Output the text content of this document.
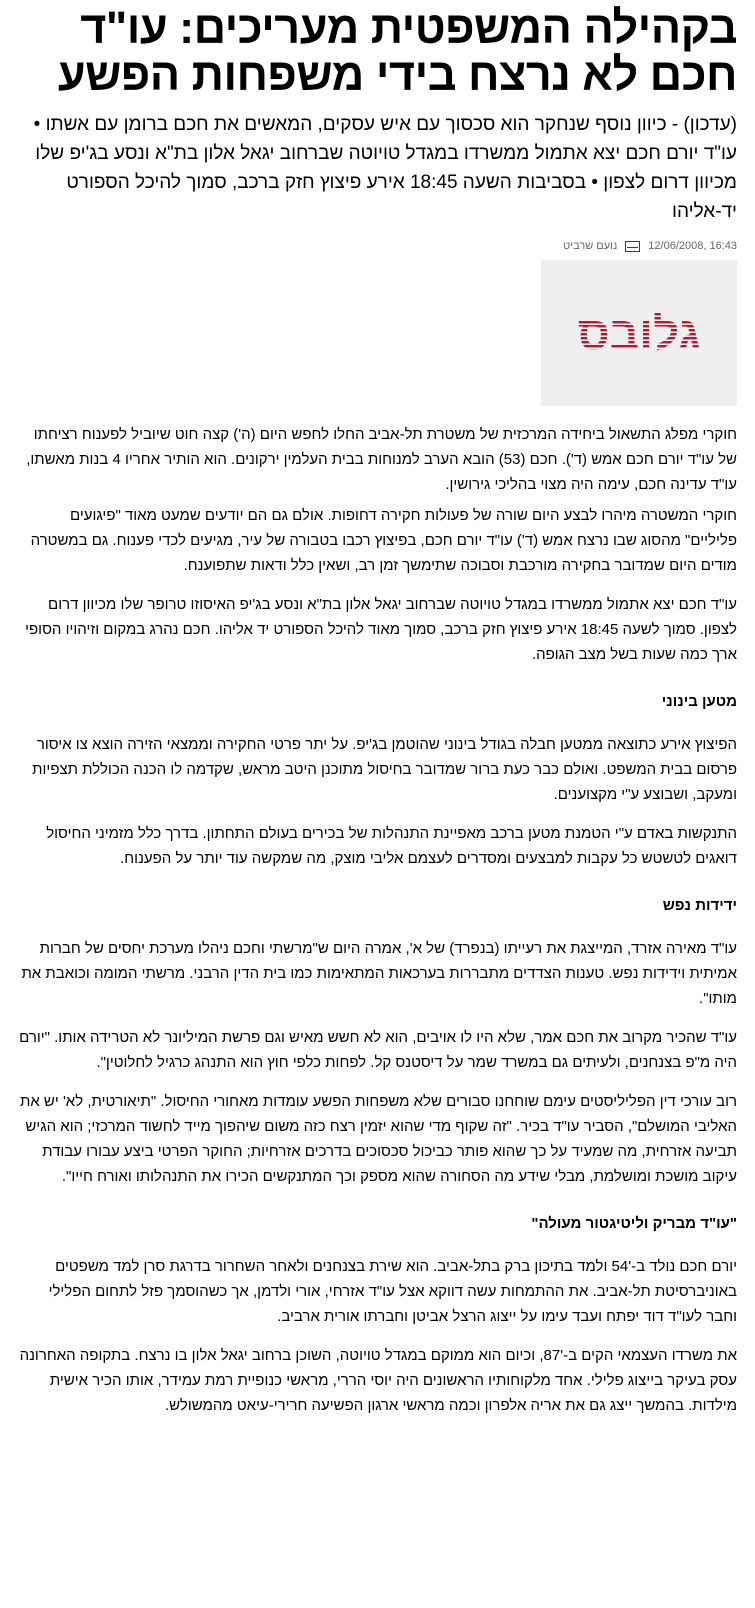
בקהילה המשפטית מעריכים: עו"ד חכם לא נרצח בידי משפחות הפשע
(עדכון) - כיוון נוסף שנחקר הוא סכסוך עם איש עסקים, המאשים את חכם ברומן עם אשתו • עו"ד יורם חכם יצא אתמול ממשרדו במגדל טויוטה שברחוב יגאל אלון בת"א ונסע בג'יפ שלו מכיוון דרום לצפון • בסביבות השעה 18:45 אירע פיצוץ חזק ברכב, סמוך להיכל הספורט יד-אליהו
12/06/2008, 16:43
נועם שרביט

חוקרי מפלג התשאול ביחידה המרכזית של משטרת תל-אביב החלו לחפש היום (ה') קצה חוט שיוביל לפענוח רציחתו של עו"ד יורם חכם אמש (ד'). חכם (53) הובא הערב למנוחות בבית העלמין ירקונים. הוא הותיר אחריו 4 בנות מאשתו, עו"ד עדינה חכם, עימה היה מצוי בהליכי גירושין.

חוקרי המשטרה מיהרו לבצע היום שורה של פעולות חקירה דחופות. אולם גם הם יודעים שמעט מאוד "פיגועים פליליים" מהסוג שבו נרצח אמש (ד') עו"ד יורם חכם, בפיצוץ רכבו בטבורה של עיר, מגיעים לכדי פענוח. גם במשטרה מודים היום שמדובר בחקירה מורכבת וסבוכה שתימשך זמן רב, ושאין כלל ודאות שתפוענח.

עו"ד חכם יצא אתמול ממשרדו במגדל טויוטה שברחוב יגאל אלון בת"א ונסע בג'יפ האיסוזו טרופר שלו מכיוון דרום לצפון. סמוך לשעה 18:45 אירע פיצוץ חזק ברכב, סמוך מאוד להיכל הספורט יד אליהו. חכם נהרג במקום וזיהויו הסופי ארך כמה שעות בשל מצב הגופה.

מטען בינוני

הפיצוץ אירע כתוצאה ממטען חבלה בגודל בינוני שהוטמן בג'יפ. על יתר פרטי החקירה וממצאי הזירה הוצא צו איסור פרסום בבית המשפט. ואולם כבר כעת ברור שמדובר בחיסול מתוכנן היטב מראש, שקדמה לו הכנה הכוללת תצפיות ומעקב, ושבוצע ע"י מקצוענים.

התנקשות באדם ע"י הטמנת מטען ברכב מאפיינת התנהלות של בכירים בעולם התחתון. בדרך כלל מזמיני החיסול דואגים לטשטש כל עקבות למבצעים ומסדרים לעצמם אליבי מוצק, מה שמקשה עוד יותר על הפענוח.

ידידות נפש

עו"ד מאירה אזרד, המייצגת את רעייתו (בנפרד) של א', אמרה היום ש"מרשתי וחכם ניהלו מערכת יחסים של חברות אמיתית וידידות נפש. טענות הצדדים מתבררות בערכאות המתאימות כמו בית הדין הרבני. מרשתי המומה וכואבת את מותו".

עו"ד שהכיר מקרוב את חכם אמר, שלא היו לו אויבים, הוא לא חשש מאיש וגם פרשת המיליונר לא הטרידה אותו. "יורם היה מ"פ בצנחנים, ולעיתים גם במשרד שמר על דיסטנס קל. לפחות כלפי חוץ הוא התנהג כרגיל לחלוטין".

רוב עורכי דין הפליליסטים עימם שוחחנו סבורים שלא משפחות הפשע עומדות מאחורי החיסול. "תיאורטית, לא' יש את האליבי המושלם", הסביר עו"ד בכיר. "זה שקוף מדי שהוא יזמין רצח כזה משום שיהפוך מייד לחשוד המרכזי; הוא הגיש תביעה אזרחית, מה שמעיד על כך שהוא פותר כביכול סכסוכים בדרכים אזרחיות; החוקר הפרטי ביצע עבורו עבודת עיקוב מושכת ומושלמת, מבלי שידע מה הסחורה שהוא מספק וכך המתנקשים הכירו את התנהלותו ואורח חייו".

"עו"ד מבריק וליטיגטור מעולה"

יורם חכם נולד ב-'54 ולמד בתיכון ברק בתל-אביב. הוא שירת בצנחנים ולאחר השחרור בדרגת סרן למד משפטים באוניברסיטת תל-אביב. את ההתמחות עשה דווקא אצל עו"ד אזרחי, אורי ולדמן, אך כשהוסמך פזל לתחום הפלילי וחבר לעו"ד דוד יפתח ועבד עימו על ייצוג הרצל אביטן וחברתו אורית ארביב.

את משרדו העצמאי הקים ב-'87, וכיום הוא ממוקם במגדל טויוטה, השוכן ברחוב יגאל אלון בו נרצח. בתקופה האחרונה עסק בעיקר בייצוג פלילי. אחד מלקוחותיו הראשונים היה יוסי הררי, מראשי כנופיית רמת עמידר, אותו הכיר אישית מילדות. בהמשך ייצג גם את אריה אלפרון וכמה מראשי ארגון הפשיעה חרירי-עיאט מהמשולש.
